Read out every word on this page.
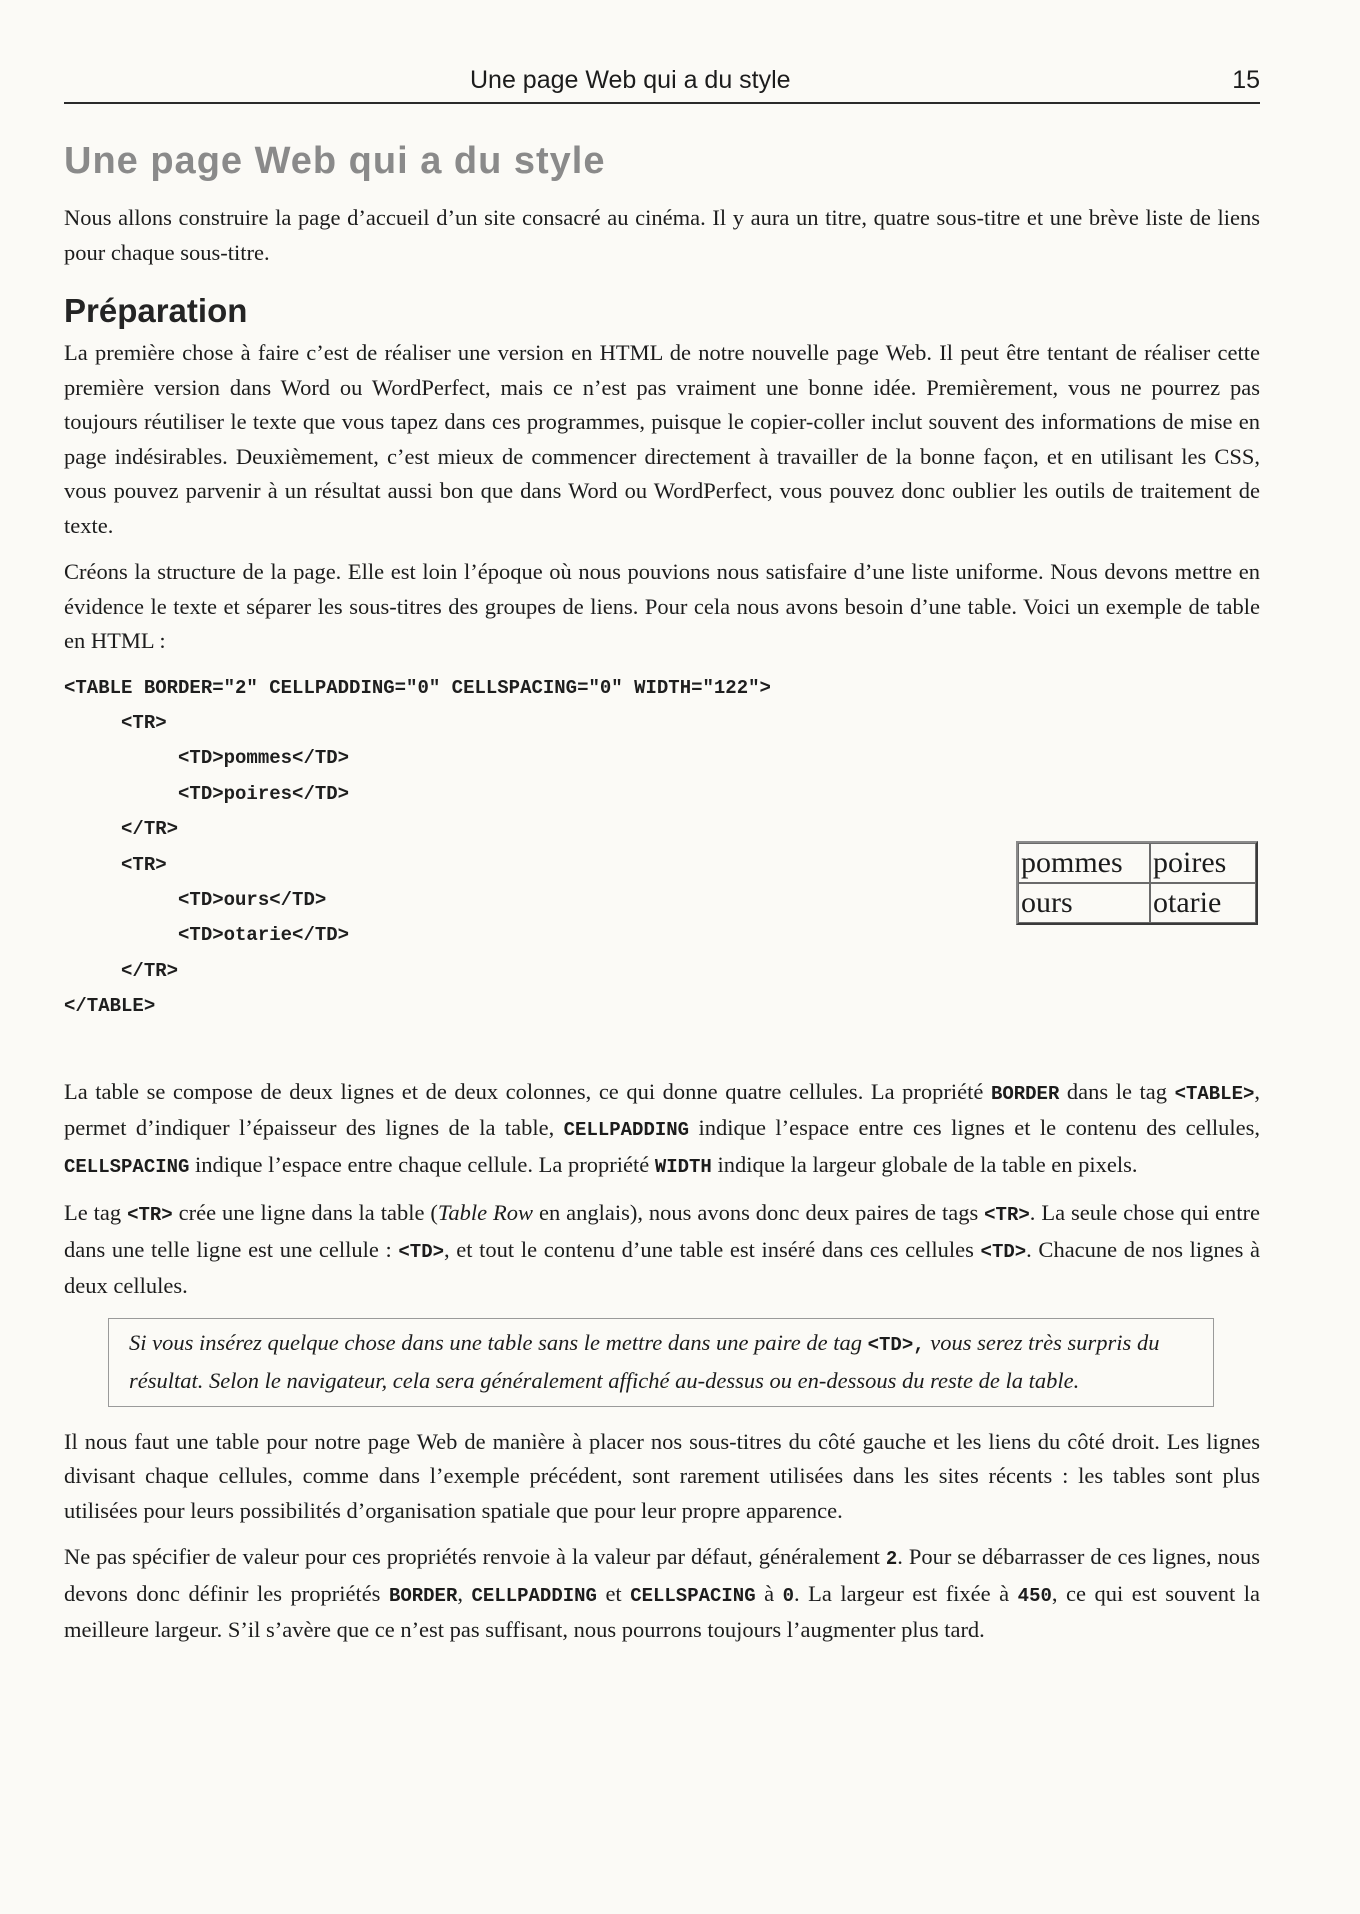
Une page Web qui a du style	15
Une page Web qui a du style

Nous allons construire la page d’accueil d’un site consacré au cinéma. Il y aura un titre, quatre sous-titre et une brève liste de liens pour chaque sous-titre.

Préparation

La première chose à faire c’est de réaliser une version en HTML de notre nouvelle page Web. Il peut être tentant de réaliser cette première version dans Word ou WordPerfect, mais ce n’est pas vraiment une bonne idée. Premièrement, vous ne pourrez pas toujours réutiliser le texte que vous tapez dans ces programmes, puisque le copier-coller inclut souvent des informations de mise en page indésirables. Deuxièmement, c’est mieux de commencer directement à travailler de la bonne façon, et en utilisant les CSS, vous pouvez parvenir à un résultat aussi bon que dans Word ou WordPerfect, vous pouvez donc oublier les outils de traitement de texte.

Créons la structure de la page. Elle est loin l’époque où nous pouvions nous satisfaire d’une liste uniforme. Nous devons mettre en évidence le texte et séparer les sous-titres des groupes de liens. Pour cela nous avons besoin d’une table. Voici un exemple de table en HTML :

<TABLE BORDER="2" CELLPADDING="0" CELLSPACING="0" WIDTH="122">
<TR>
<TD>pommes</TD>
<TD>poires</TD>
</TR>
<TR>
<TD>ours</TD>
<TD>otarie</TD>
</TR>
</TABLE>
pommes	poires
ours	otarie

La table se compose de deux lignes et de deux colonnes, ce qui donne quatre cellules. La propriété BORDER dans le tag <TABLE>, permet d’indiquer l’épaisseur des lignes de la table, CELLPADDING indique l’espace entre ces lignes et le contenu des cellules, CELLSPACING indique l’espace entre chaque cellule. La propriété WIDTH indique la largeur globale de la table en pixels.

Le tag <TR> crée une ligne dans la table (Table Row en anglais), nous avons donc deux paires de tags <TR>. La seule chose qui entre dans une telle ligne est une cellule : <TD>, et tout le contenu d’une table est inséré dans ces cellules <TD>. Chacune de nos lignes à deux cellules.

Si vous insérez quelque chose dans une table sans le mettre dans une paire de tag <TD>, vous serez très surpris du résultat. Selon le navigateur, cela sera généralement affiché au-dessus ou en-dessous du reste de la table.

Il nous faut une table pour notre page Web de manière à placer nos sous-titres du côté gauche et les liens du côté droit. Les lignes divisant chaque cellules, comme dans l’exemple précédent, sont rarement utilisées dans les sites récents : les tables sont plus utilisées pour leurs possibilités d’organisation spatiale que pour leur propre apparence.

Ne pas spécifier de valeur pour ces propriétés renvoie à la valeur par défaut, généralement 2. Pour se débarrasser de ces lignes, nous devons donc définir les propriétés BORDER, CELLPADDING et CELLSPACING à 0. La largeur est fixée à 450, ce qui est souvent la meilleure largeur. S’il s’avère que ce n’est pas suffisant, nous pourrons toujours l’augmenter plus tard.
